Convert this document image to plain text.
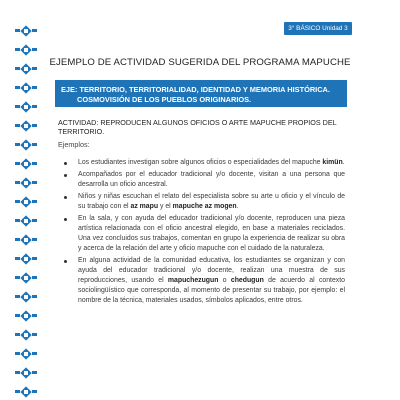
3° BÁSICO Unidad 3
EJEMPLO DE ACTIVIDAD SUGERIDA DEL PROGRAMA MAPUCHE
EJE: TERRITORIO, TERRITORIALIDAD, IDENTIDAD Y MEMORIA HISTÓRICA.
COSMOVISIÓN DE LOS PUEBLOS ORIGINARIOS.
ACTIVIDAD: REPRODUCEN ALGUNOS OFICIOS O ARTE MAPUCHE PROPIOS DEL TERRITORIO.
Ejemplos:
Los estudiantes investigan sobre algunos oficios o especialidades del mapuche kimün.
Acompañados por el educador tradicional y/o docente, visitan a una persona que desarrolla un oficio ancestral.
Niños y niñas escuchan el relato del especialista sobre su arte u oficio y el vínculo de su trabajo con el az mapu y el mapuche az mogen.
En la sala, y con ayuda del educador tradicional y/o docente, reproducen una pieza artística relacionada con el oficio ancestral elegido, en base a materiales reciclados. Una vez concluidos sus trabajos, comentan en grupo la experiencia de realizar su obra y acerca de la relación del arte y oficio mapuche con el cuidado de la naturaleza.
En alguna actividad de la comunidad educativa, los estudiantes se organizan y con ayuda del educador tradicional y/o docente, realizan una muestra de sus reproducciones, usando el mapuchezugun o chedugun de acuerdo al contexto sociolingüístico que corresponda, al momento de presentar su trabajo, por ejemplo: el nombre de la técnica, materiales usados, símbolos aplicados, entre otros.
